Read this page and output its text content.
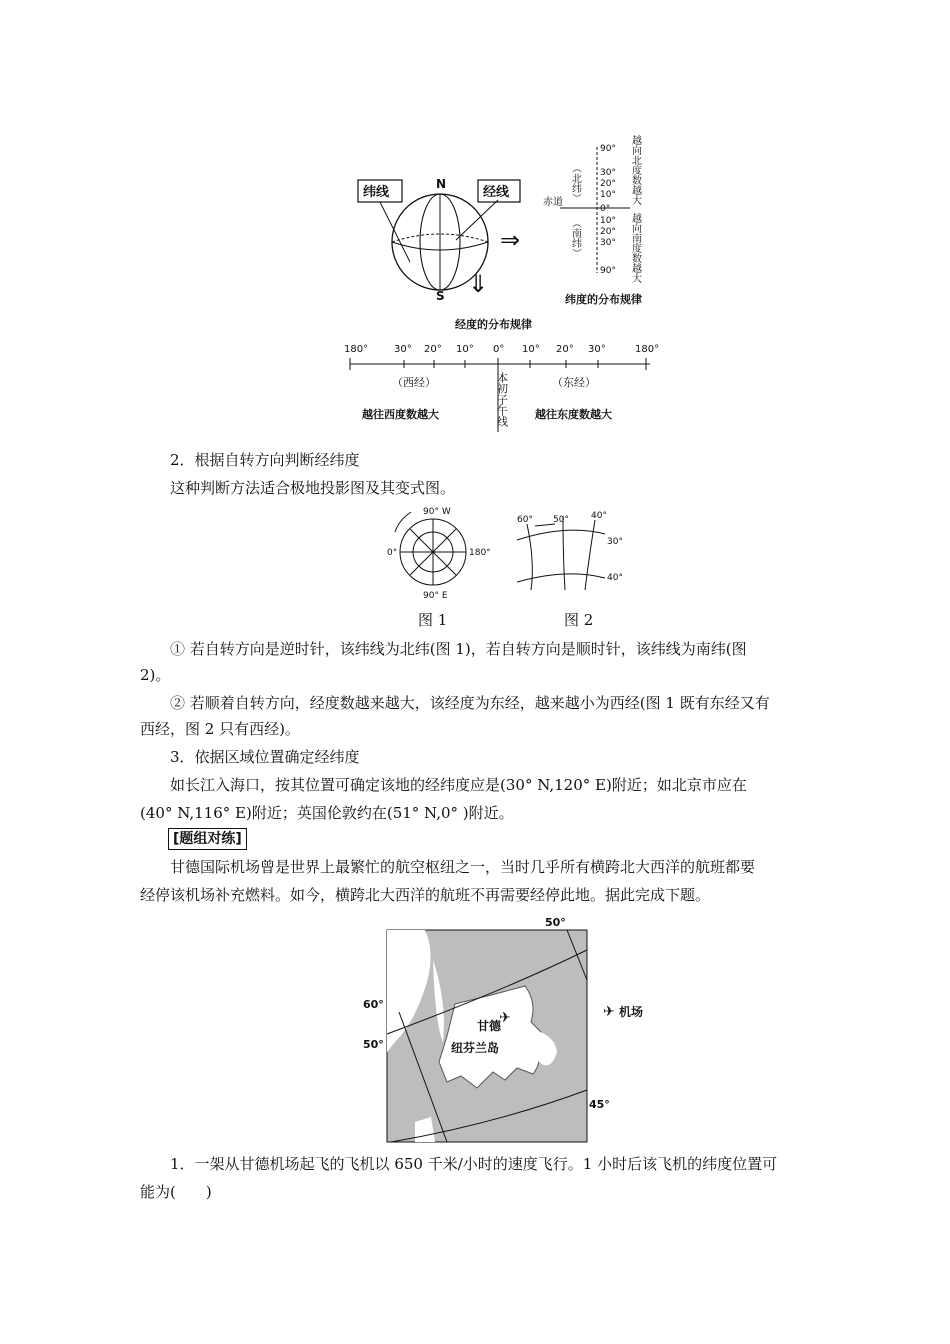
纬线	经线
N
S
⇒
⇓
越向北度数越大
越向南度数越大
（北纬）
（南纬）
赤道
90°
30°
20°
10°
0°
10°
20°
30°
90°
纬度的分布规律
经度的分布规律
180°	30° 20° 10° 0° 10° 20° 30°	180°
（西经）	（东经）
本初子午线
越往西度数越大	越往东度数越大
2．根据自转方向判断经纬度
这种判断方法适合极地投影图及其变式图。
90° W
0°	180°
90° E
60° 50° 40°
30°
40°
图 1	图 2
① 若自转方向是逆时针，该纬线为北纬(图 1)，若自转方向是顺时针，该纬线为南纬(图
2)。
② 若顺着自转方向，经度数越来越大，该经度为东经，越来越小为西经(图 1 既有东经又有
西经，图 2 只有西经)。
3．依据区域位置确定经纬度
如长江入海口，按其位置可确定该地的经纬度应是(30° N,120° E)附近；如北京市应在
(40° N,116° E)附近；英国伦敦约在(51° N,0° )附近。
[题组对练]
甘德国际机场曾是世界上最繁忙的航空枢纽之一，当时几乎所有横跨北大西洋的航班都要
经停该机场补充燃料。如今，横跨北大西洋的航班不再需要经停此地。据此完成下题。
50°
60°
50°
45°
甘德
✈
纽芬兰岛
✈ 机场
1．一架从甘德机场起飞的飞机以 650 千米/小时的速度飞行。1 小时后该飞机的纬度位置可
能为(　　)
